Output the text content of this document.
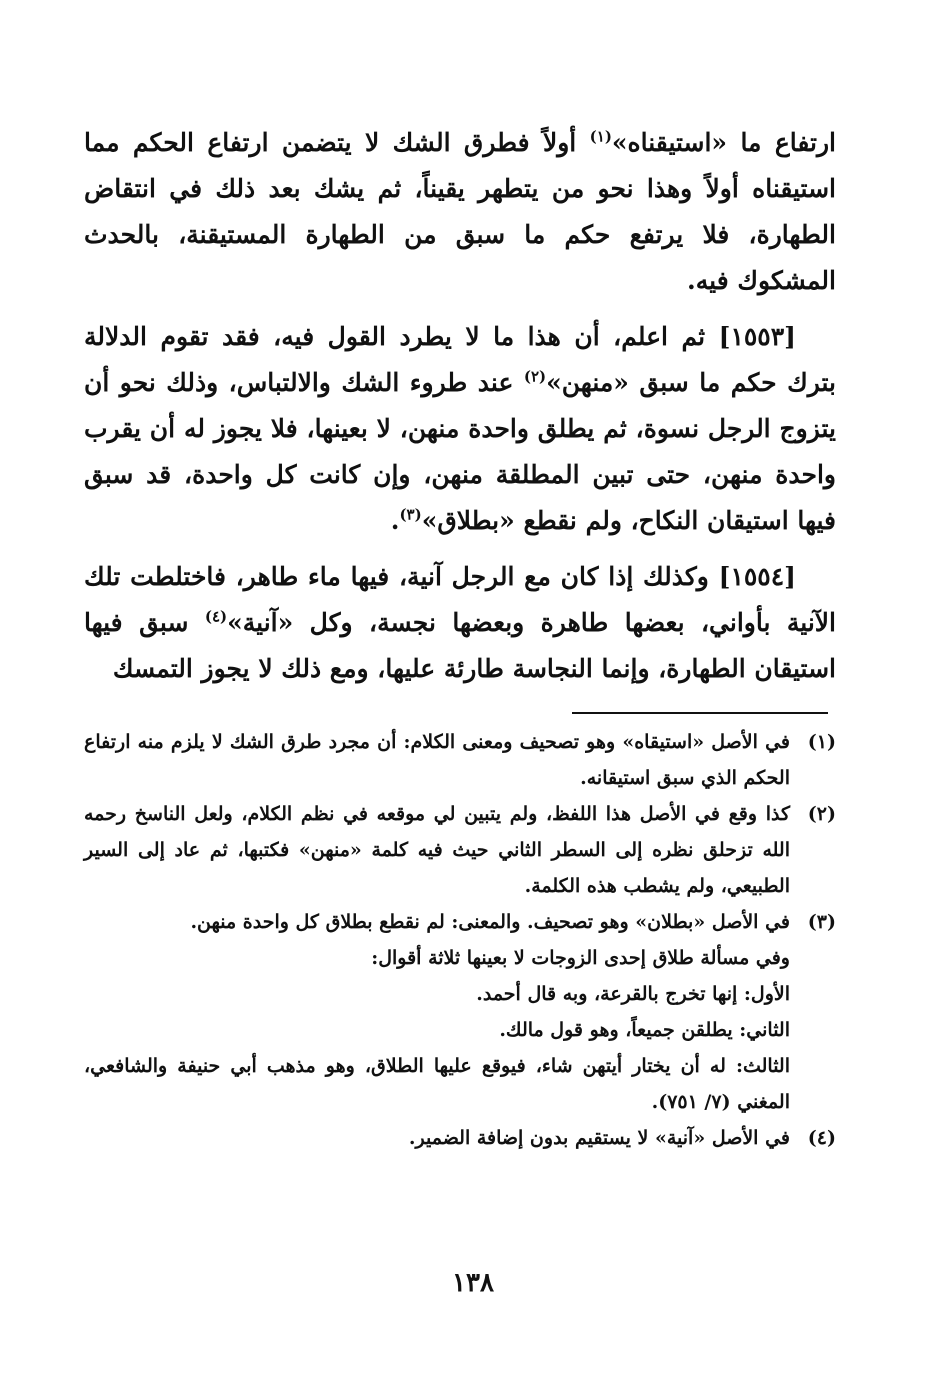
ارتفاع ما «استيقناه»$^{(١)}$ أولاً فطرق الشك لا يتضمن ارتفاع الحكم مما استيقناه أولاً وهذا نحو من يتطهر يقيناً، ثم يشك بعد ذلك في انتقاض الطهارة، فلا يرتفع حكم ما سبق من الطهارة المستيقنة، بالحدث المشكوك فيه.

[١٥٥٣] ثم اعلم، أن هذا ما لا يطرد القول فيه، فقد تقوم الدلالة بترك حكم ما سبق «منهن»$^{(٢)}$ عند طروء الشك والالتباس، وذلك نحو أن يتزوج الرجل نسوة، ثم يطلق واحدة منهن، لا بعينها، فلا يجوز له أن يقرب واحدة منهن، حتى تبين المطلقة منهن، وإن كانت كل واحدة، قد سبق فيها استيقان النكاح، ولم نقطع «بطلاق»$^{(٣)}$.

[١٥٥٤] وكذلك إذا كان مع الرجل آنية، فيها ماء طاهر، فاختلطت تلك الآنية بأواني، بعضها طاهرة وبعضها نجسة، وكل «آنية»$^{(٤)}$ سبق فيها استيقان الطهارة، وإنما النجاسة طارئة عليها، ومع ذلك لا يجوز التمسك

(١)

في الأصل «استيقاه» وهو تصحيف ومعنى الكلام: أن مجرد طرق الشك لا يلزم منه ارتفاع الحكم الذي سبق استيقانه.

(٢)

كذا وقع في الأصل هذا اللفظ، ولم يتبين لي موقعه في نظم الكلام، ولعل الناسخ رحمه الله تزحلق نظره إلى السطر الثاني حيث فيه كلمة «منهن» فكتبها، ثم عاد إلى السير الطبيعي، ولم يشطب هذه الكلمة.

(٣)

في الأصل «بطلان» وهو تصحيف. والمعنى: لم نقطع بطلاق كل واحدة منهن.

وفي مسألة طلاق إحدى الزوجات لا بعينها ثلاثة أقوال:

الأول: إنها تخرج بالقرعة، وبه قال أحمد.

الثاني: يطلقن جميعاً، وهو قول مالك.

الثالث: له أن يختار أيتهن شاء، فيوقع عليها الطلاق، وهو مذهب أبي حنيفة والشافعي، المغني (٧/ ٧٥١).

(٤)

في الأصل «آنية» لا يستقيم بدون إضافة الضمير.

١٣٨
